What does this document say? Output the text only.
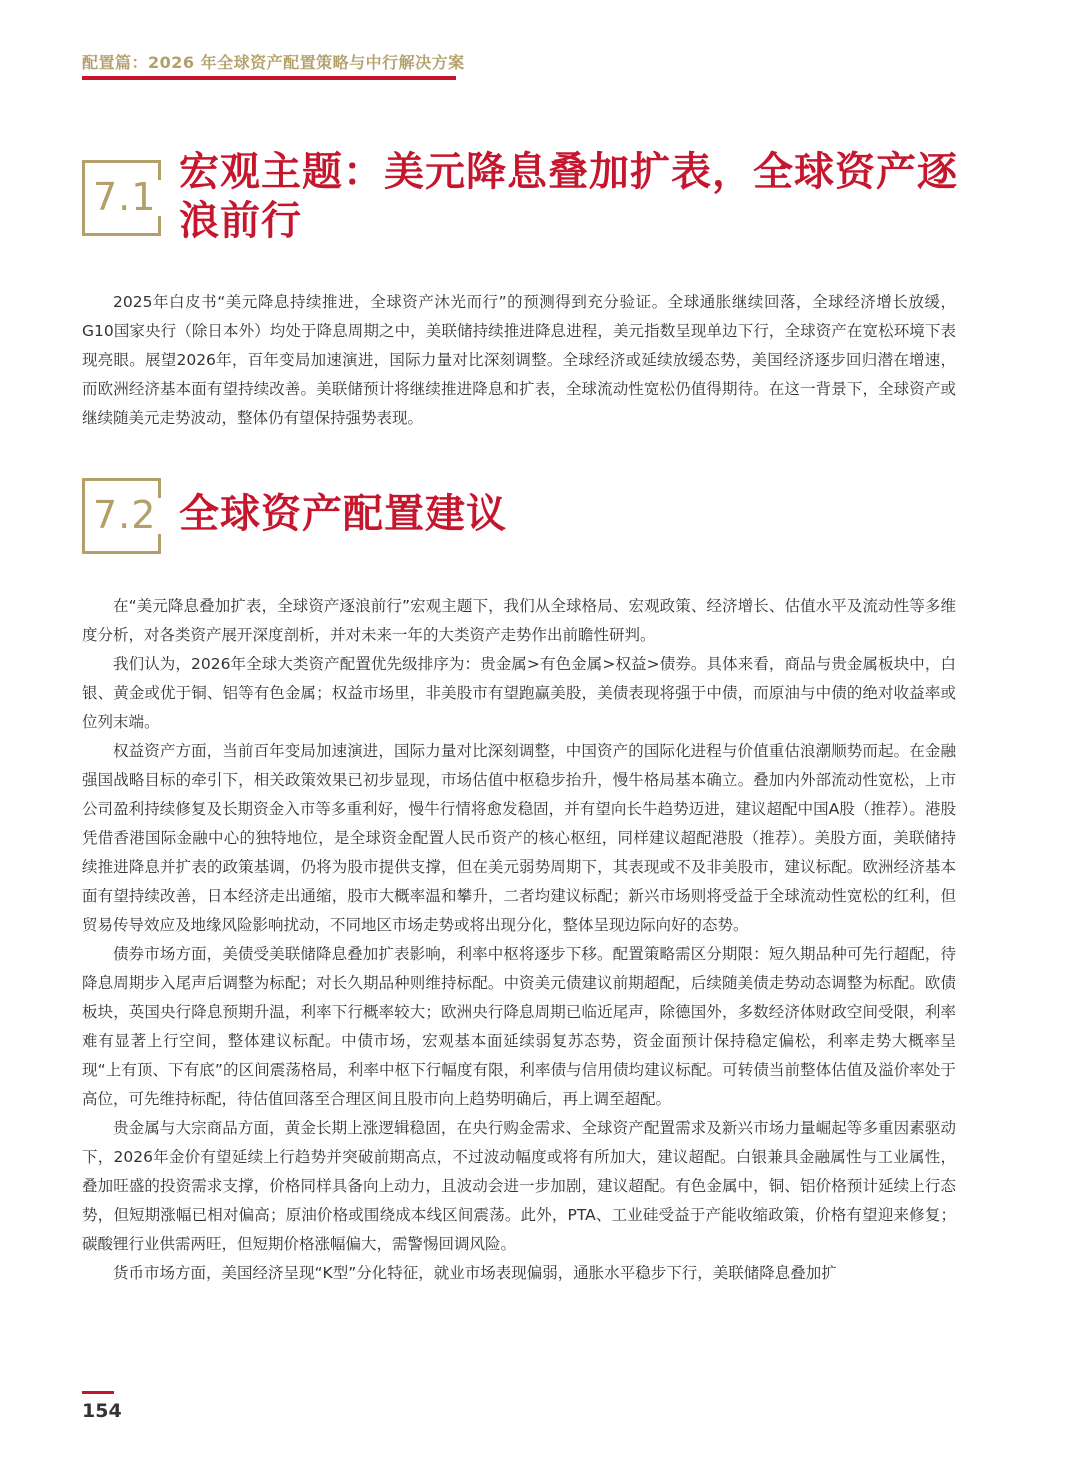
配置篇：2026 年全球资产配置策略与中行解决方案
7.1
宏观主题：美元降息叠加扩表，全球资产逐浪前行

2025年白皮书“美元降息持续推进，全球资产沐光而行”的预测得到充分验证。全球通胀继续回落，全球经济增长放缓，G10国家央行（除日本外）均处于降息周期之中，美联储持续推进降息进程，美元指数呈现单边下行，全球资产在宽松环境下表现亮眼。展望2026年，百年变局加速演进，国际力量对比深刻调整。全球经济或延续放缓态势，美国经济逐步回归潜在增速，而欧洲经济基本面有望持续改善。美联储预计将继续推进降息和扩表，全球流动性宽松仍值得期待。在这一背景下，全球资产或继续随美元走势波动，整体仍有望保持强势表现。

7.2 全球资产配置建议

在“美元降息叠加扩表，全球资产逐浪前行”宏观主题下，我们从全球格局、宏观政策、经济增长、估值水平及流动性等多维度分析，对各类资产展开深度剖析，并对未来一年的大类资产走势作出前瞻性研判。

我们认为，2026年全球大类资产配置优先级排序为：贵金属>有色金属>权益>债券。具体来看，商品与贵金属板块中，白银、黄金或优于铜、铝等有色金属；权益市场里，非美股市有望跑赢美股，美债表现将强于中债，而原油与中债的绝对收益率或位列末端。

权益资产方面，当前百年变局加速演进，国际力量对比深刻调整，中国资产的国际化进程与价值重估浪潮顺势而起。在金融强国战略目标的牵引下，相关政策效果已初步显现，市场估值中枢稳步抬升，慢牛格局基本确立。叠加内外部流动性宽松，上市公司盈利持续修复及长期资金入市等多重利好，慢牛行情将愈发稳固，并有望向长牛趋势迈进，建议超配中国A股（推荐）。港股凭借香港国际金融中心的独特地位，是全球资金配置人民币资产的核心枢纽，同样建议超配港股（推荐）。美股方面，美联储持续推进降息并扩表的政策基调，仍将为股市提供支撑，但在美元弱势周期下，其表现或不及非美股市，建议标配。欧洲经济基本面有望持续改善，日本经济走出通缩，股市大概率温和攀升，二者均建议标配；新兴市场则将受益于全球流动性宽松的红利，但贸易传导效应及地缘风险影响扰动，不同地区市场走势或将出现分化，整体呈现边际向好的态势。

债券市场方面，美债受美联储降息叠加扩表影响，利率中枢将逐步下移。配置策略需区分期限：短久期品种可先行超配，待降息周期步入尾声后调整为标配；对长久期品种则维持标配。中资美元债建议前期超配，后续随美债走势动态调整为标配。欧债板块，英国央行降息预期升温，利率下行概率较大；欧洲央行降息周期已临近尾声，除德国外，多数经济体财政空间受限，利率难有显著上行空间，整体建议标配。中债市场，宏观基本面延续弱复苏态势，资金面预计保持稳定偏松，利率走势大概率呈现“上有顶、下有底”的区间震荡格局，利率中枢下行幅度有限，利率债与信用债均建议标配。可转债当前整体估值及溢价率处于高位，可先维持标配，待估值回落至合理区间且股市向上趋势明确后，再上调至超配。

贵金属与大宗商品方面，黄金长期上涨逻辑稳固，在央行购金需求、全球资产配置需求及新兴市场力量崛起等多重因素驱动下，2026年金价有望延续上行趋势并突破前期高点，不过波动幅度或将有所加大，建议超配。白银兼具金融属性与工业属性，叠加旺盛的投资需求支撑，价格同样具备向上动力，且波动会进一步加剧，建议超配。有色金属中，铜、铝价格预计延续上行态势，但短期涨幅已相对偏高；原油价格或围绕成本线区间震荡。此外，PTA、工业硅受益于产能收缩政策，价格有望迎来修复；碳酸锂行业供需两旺，但短期价格涨幅偏大，需警惕回调风险。

货币市场方面，美国经济呈现“K型”分化特征，就业市场表现偏弱，通胀水平稳步下行，美联储降息叠加扩

154
